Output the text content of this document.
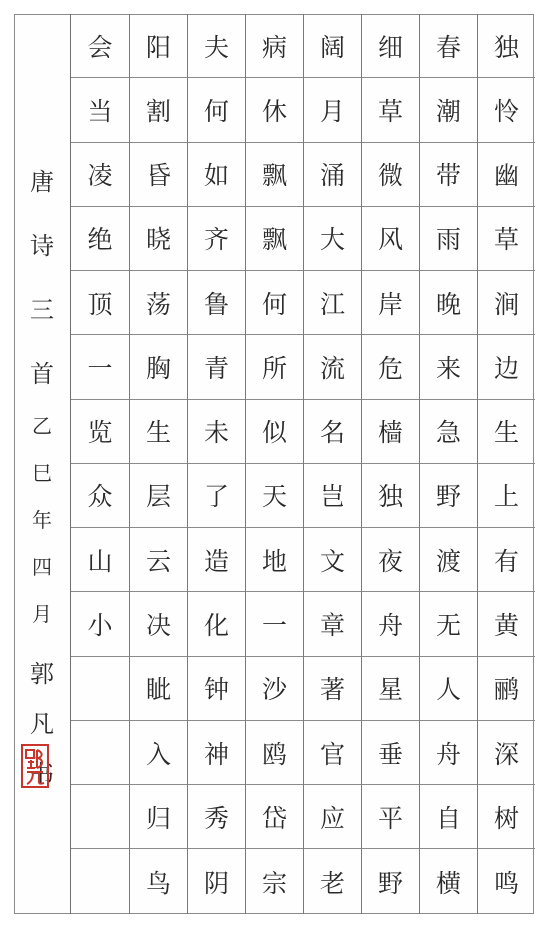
独
怜
幽
草
涧
边
生
上
有
黄
鹂
深
树
鸣
春
潮
带
雨
晚
来
急
野
渡
无
人
舟
自
横
细
草
微
风
岸
危
樯
独
夜
舟
星
垂
平
野
阔
月
涌
大
江
流
名
岂
文
章
著
官
应
老
病
休
飘
飘
何
所
似
天
地
一
沙
鸥
岱
宗
夫
何
如
齐
鲁
青
未
了
造
化
钟
神
秀
阴
阳
割
昏
晓
荡
胸
生
层
云
决
眦
入
归
鸟
会
当
凌
绝
顶
一
览
众
山
小
唐
诗
三
首
乙
巳
年
四
月
郭
凡
书
